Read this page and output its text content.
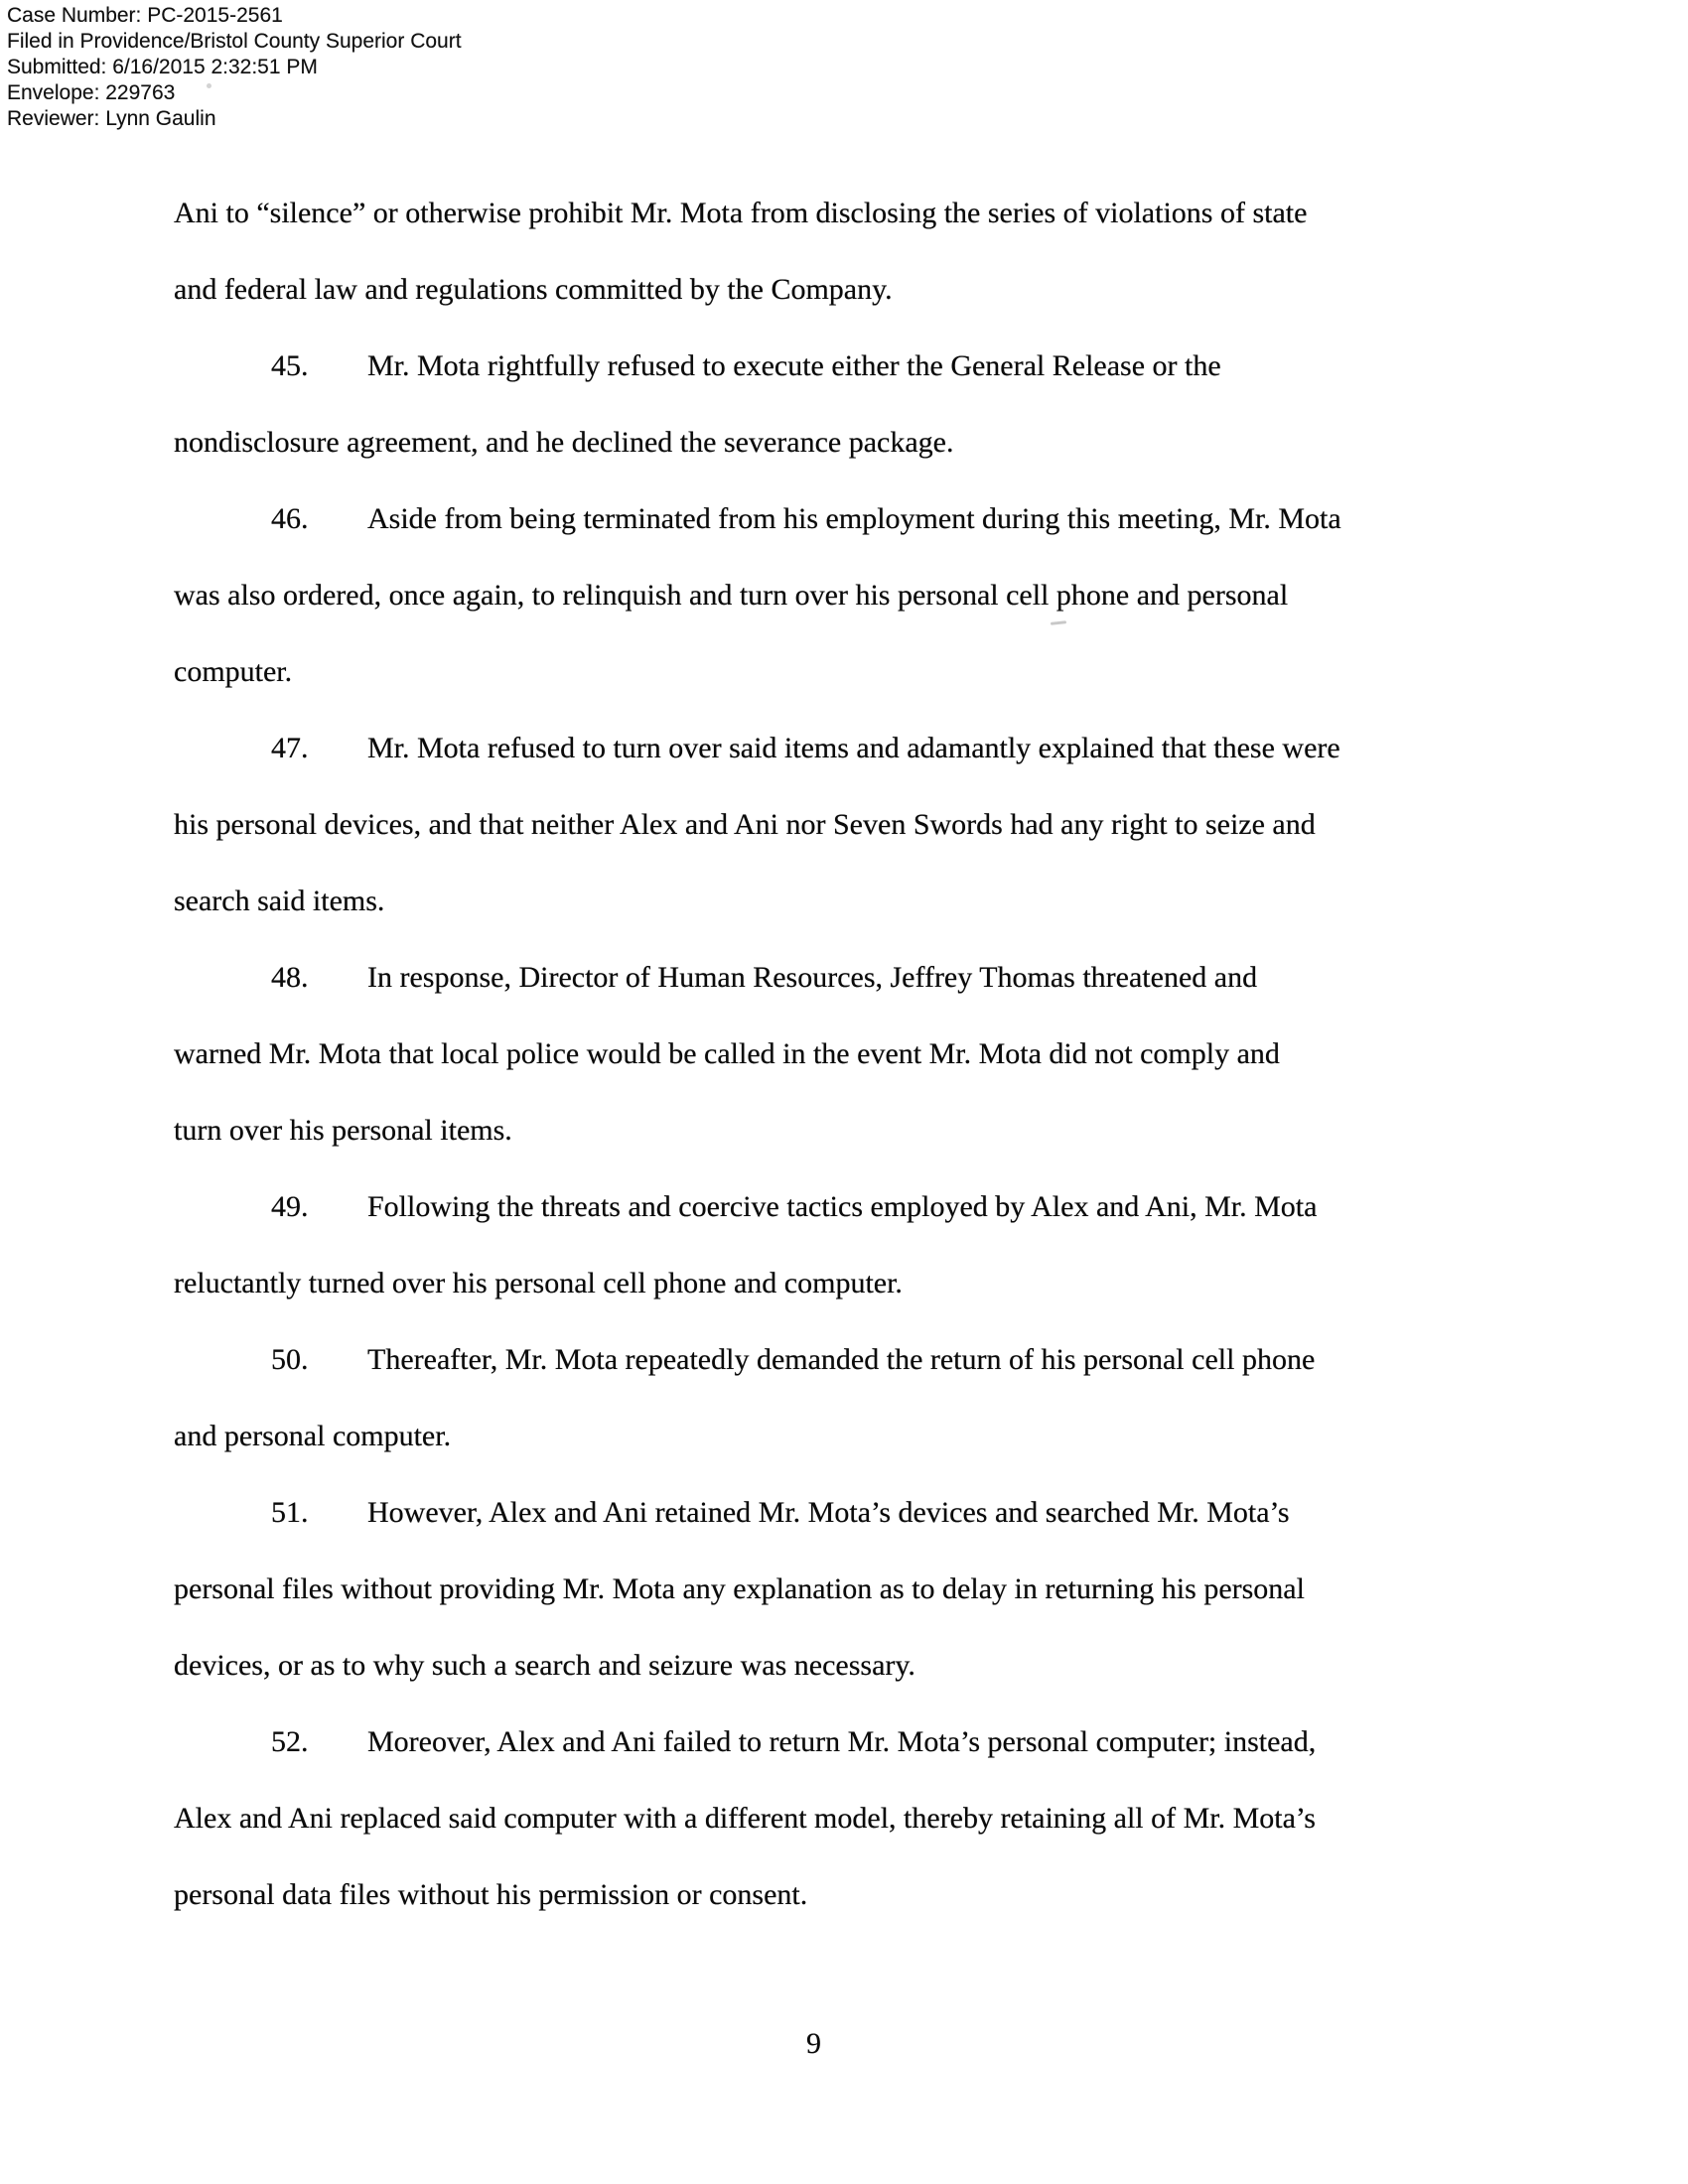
Case Number: PC-2015-2561
Filed in Providence/Bristol County Superior Court
Submitted: 6/16/2015 2:32:51 PM
Envelope: 229763
Reviewer: Lynn Gaulin
Ani to “silence” or otherwise prohibit Mr. Mota from disclosing the series of violations of state
and federal law and regulations committed by the Company.
45. Mr. Mota rightfully refused to execute either the General Release or the
nondisclosure agreement, and he declined the severance package.
46. Aside from being terminated from his employment during this meeting, Mr. Mota
was also ordered, once again, to relinquish and turn over his personal cell phone and personal
computer.
47. Mr. Mota refused to turn over said items and adamantly explained that these were
his personal devices, and that neither Alex and Ani nor Seven Swords had any right to seize and
search said items.
48. In response, Director of Human Resources, Jeffrey Thomas threatened and
warned Mr. Mota that local police would be called in the event Mr. Mota did not comply and
turn over his personal items.
49. Following the threats and coercive tactics employed by Alex and Ani, Mr. Mota
reluctantly turned over his personal cell phone and computer.
50. Thereafter, Mr. Mota repeatedly demanded the return of his personal cell phone
and personal computer.
51. However, Alex and Ani retained Mr. Mota’s devices and searched Mr. Mota’s
personal files without providing Mr. Mota any explanation as to delay in returning his personal
devices, or as to why such a search and seizure was necessary.
52. Moreover, Alex and Ani failed to return Mr. Mota’s personal computer; instead,
Alex and Ani replaced said computer with a different model, thereby retaining all of Mr. Mota’s
personal data files without his permission or consent.
9
